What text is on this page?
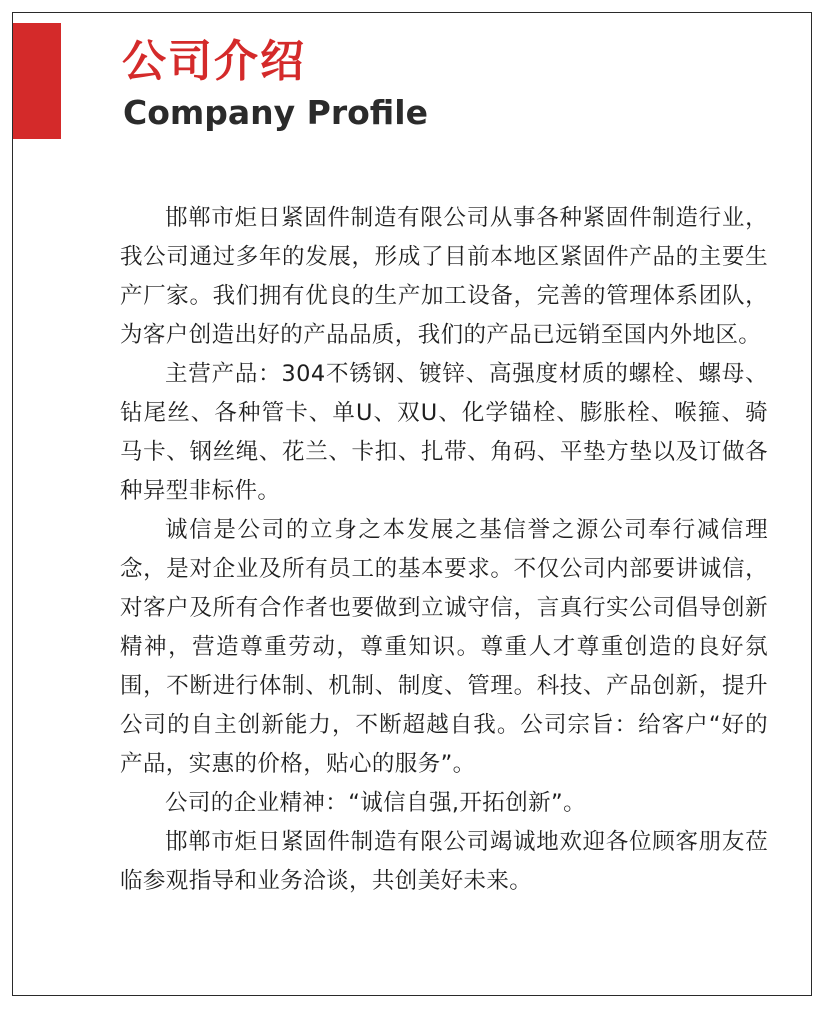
公司介绍
Company Profile

邯郸市炬日紧固件制造有限公司从事各种紧固件制造行业，我公司通过多年的发展，形成了目前本地区紧固件产品的主要生产厂家。我们拥有优良的生产加工设备，完善的管理体系团队，为客户创造出好的产品品质，我们的产品已远销至国内外地区。

主营产品：304不锈钢、镀锌、高强度材质的螺栓、螺母、钻尾丝、各种管卡、单U、双U、化学锚栓、膨胀栓、喉箍、骑马卡、钢丝绳、花兰、卡扣、扎带、角码、平垫方垫以及订做各种异型非标件。

诚信是公司的立身之本发展之基信誉之源公司奉行减信理念，是对企业及所有员工的基本要求。不仅公司内部要讲诚信，对客户及所有合作者也要做到立诚守信，言真行实公司倡导创新精神，营造尊重劳动，尊重知识。尊重人才尊重创造的良好氛围，不断进行体制、机制、制度、管理。科技、产品创新，提升公司的自主创新能力，不断超越自我。公司宗旨：给客户“好的产品，实惠的价格，贴心的服务”。

公司的企业精神：“诚信自强,开拓创新”。

邯郸市炬日紧固件制造有限公司竭诚地欢迎各位顾客朋友莅临参观指导和业务洽谈，共创美好未来。
